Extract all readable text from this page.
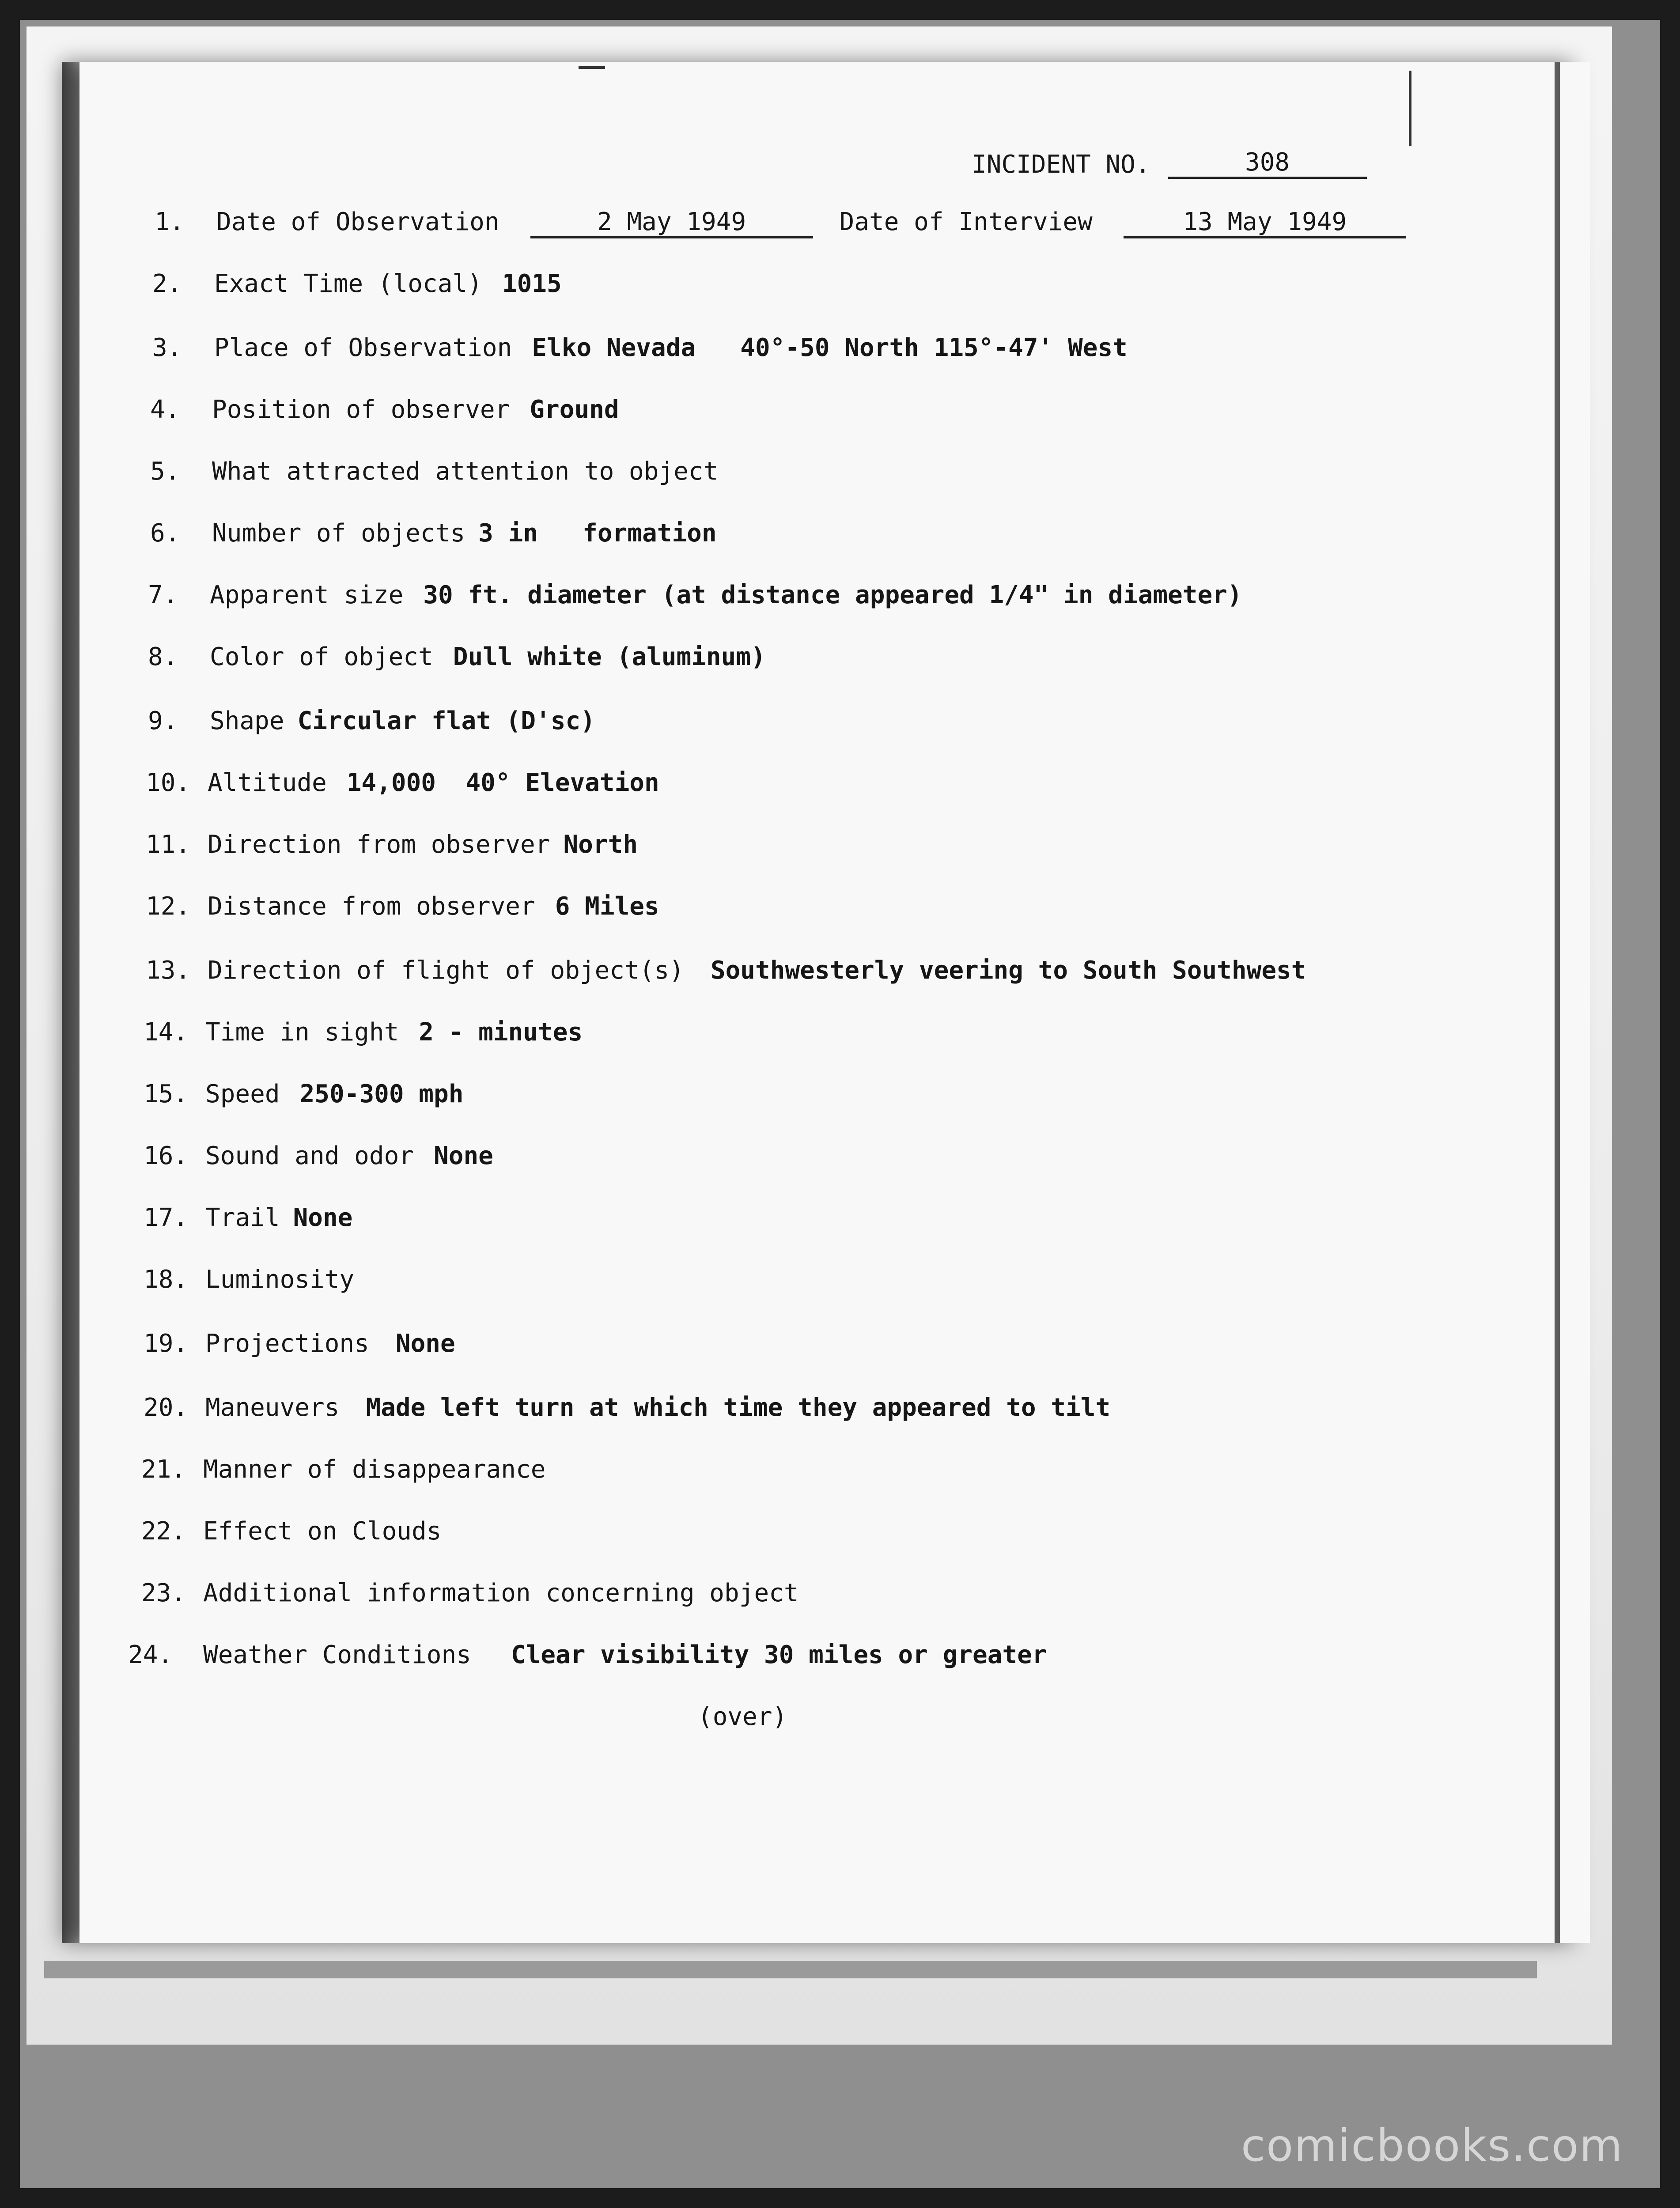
INCIDENT NO.	308
1.	Date of Observation	2 May 1949	Date of Interview	13 May 1949
2.	Exact Time (local) 1015
3.	Place of Observation Elko Nevada   40°-50 North 115°-47' West
4.	Position of observer Ground
5.	What attracted attention to object
6.	Number of objects 3 in   formation
7.	Apparent size 30 ft. diameter (at distance appeared 1/4" in diameter)
8.	Color of object Dull white (aluminum)
9.	Shape Circular flat (D'sc)
10. Altitude 14,000  40° Elevation
11. Direction from observer North
12. Distance from observer 6 Miles
13. Direction of flight of object(s) Southwesterly veering to South Southwest
14. Time in sight 2 - minutes
15. Speed 250-300 mph
16. Sound and odor None
17. Trail None
18. Luminosity
19. Projections None
20. Maneuvers Made left turn at which time they appeared to tilt
21. Manner of disappearance
22. Effect on Clouds
23. Additional information concerning object
24.	Weather Conditions Clear visibility 30 miles or greater
(over)
comicbooks.com
